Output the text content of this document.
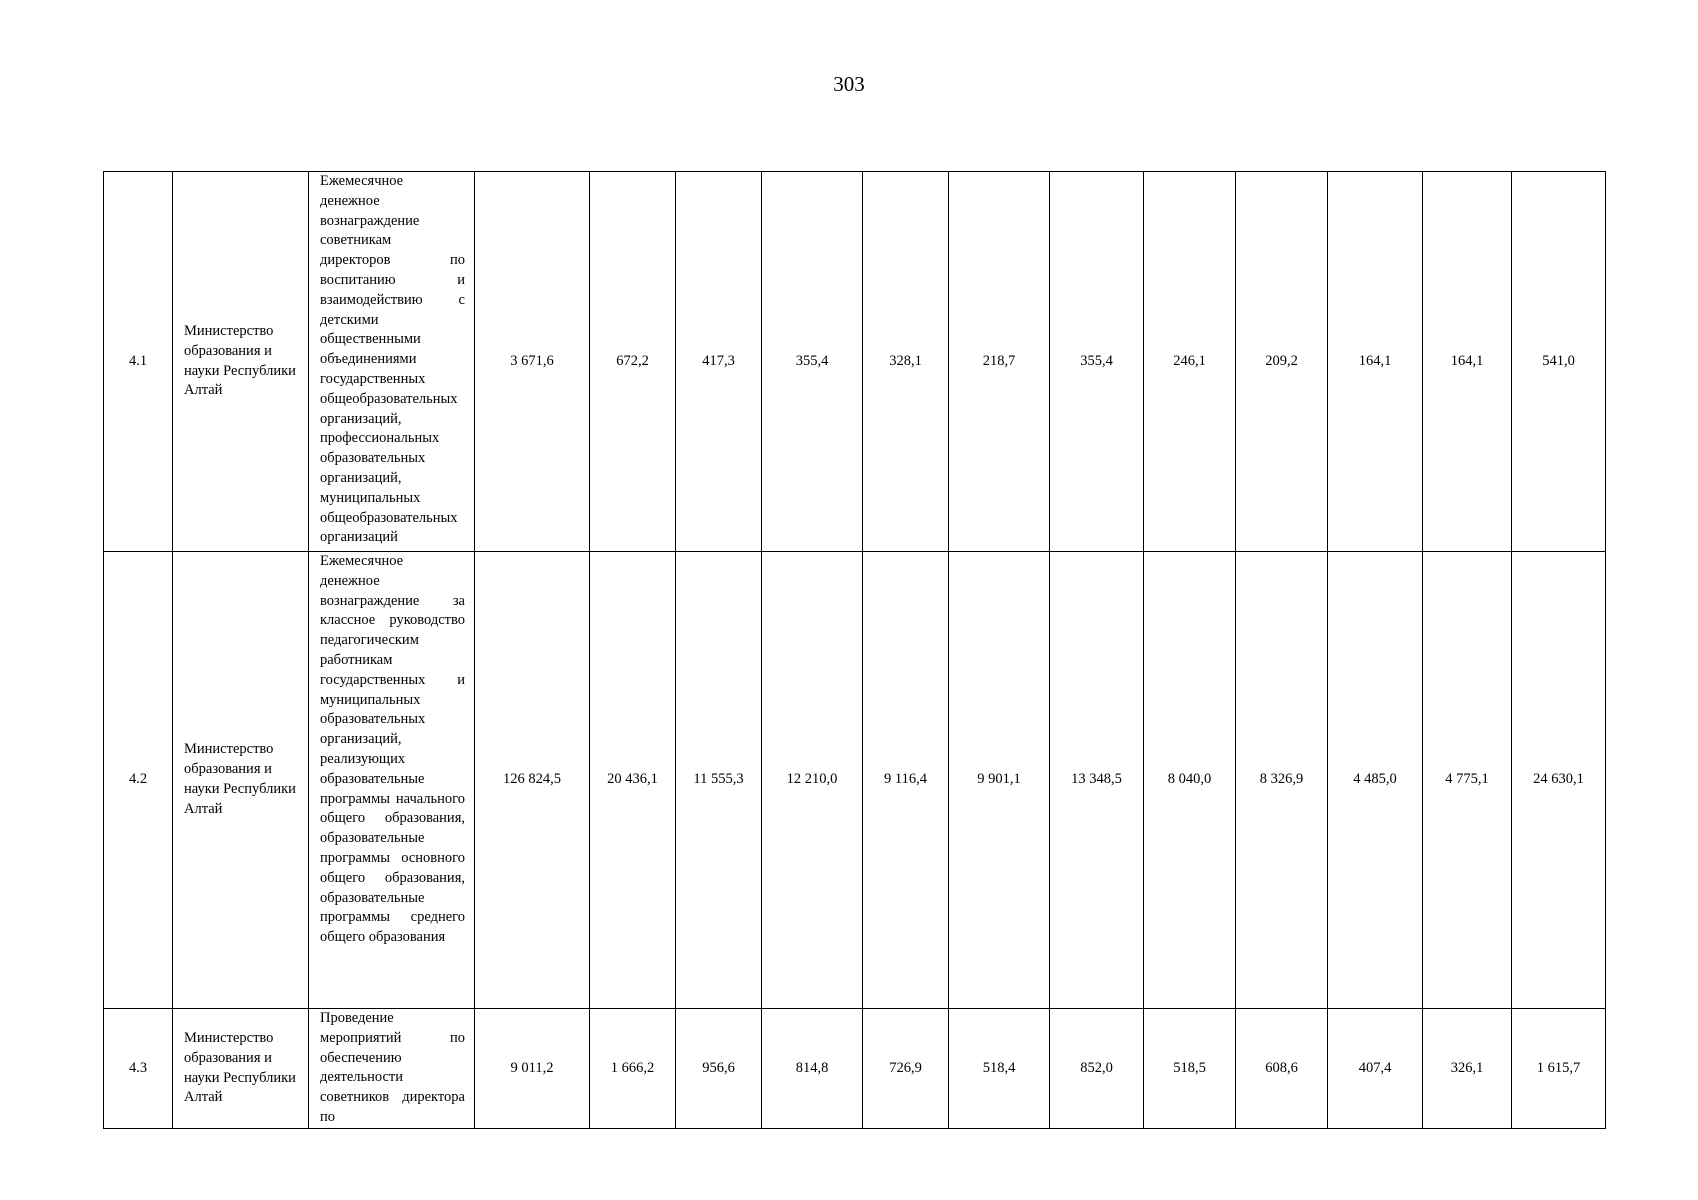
303
4.1	Министерство образования и науки Республики Алтай	Ежемесячное денежное вознаграждение советникам директоров по воспитанию и взаимодействию с детскими общественными объединениями государственных общеобразовательных организаций, профессиональных образовательных организаций, муниципальных общеобразовательных организаций	3 671,6	672,2	417,3	355,4	328,1	218,7	355,4	246,1	209,2	164,1	164,1	541,0
4.2	Министерство образования и науки Республики Алтай	Ежемесячное денежное вознаграждение за классное руководство педагогическим работникам государственных и муниципальных образовательных организаций, реализующих образовательные программы начального общего образования, образовательные программы основного общего образования, образовательные программы среднего общего образования	126 824,5	20 436,1	11 555,3	12 210,0	9 116,4	9 901,1	13 348,5	8 040,0	8 326,9	4 485,0	4 775,1	24 630,1
4.3	Министерство образования и науки Республики Алтай	Проведение мероприятий по обеспечению деятельности советников директора по	9 011,2	1 666,2	956,6	814,8	726,9	518,4	852,0	518,5	608,6	407,4	326,1	1 615,7
